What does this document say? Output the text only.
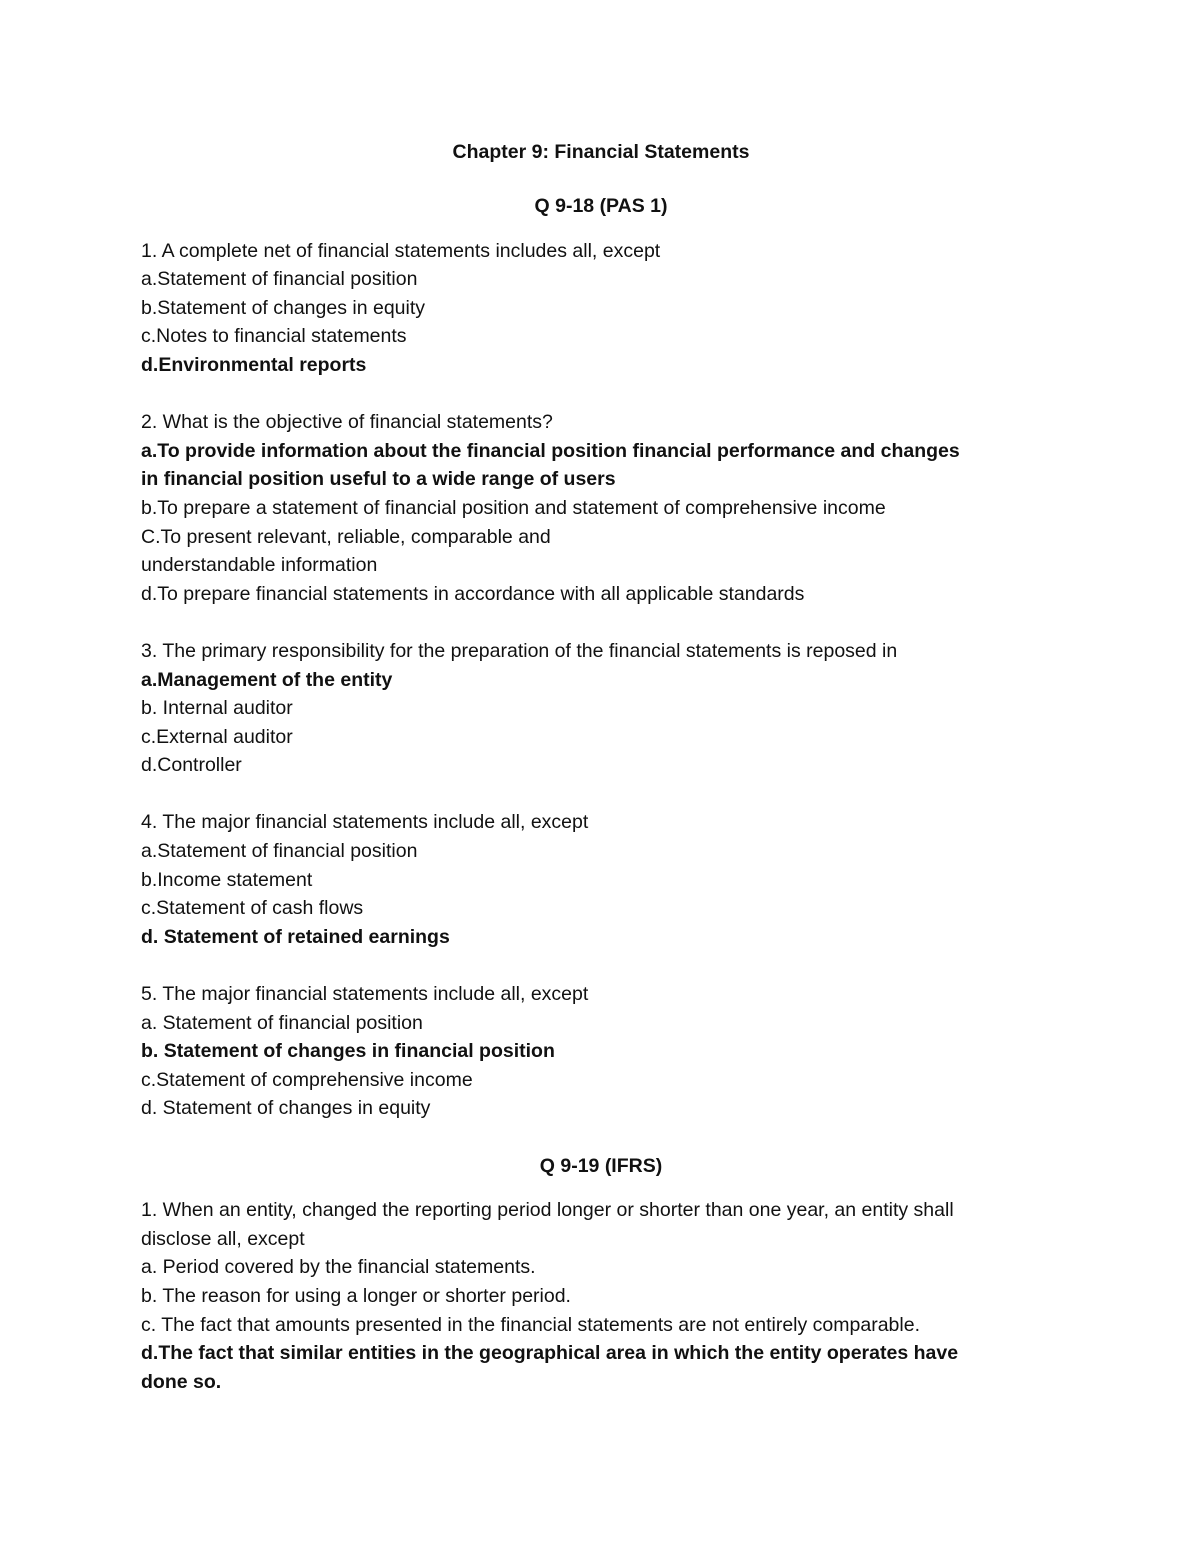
Chapter 9: Financial Statements

Q 9-18 (PAS 1)

1. A complete net of financial statements includes all, except

a.Statement of financial position

b.Statement of changes in equity

c.Notes to financial statements

d.Environmental reports

2. What is the objective of financial statements?

a.To provide information about the financial position financial performance and changes

in financial position useful to a wide range of users

b.To prepare a statement of financial position and statement of comprehensive income

C.To present relevant, reliable, comparable and

understandable information

d.To prepare financial statements in accordance with all applicable standards

3. The primary responsibility for the preparation of the financial statements is reposed in

a.Management of the entity

b. Internal auditor

c.External auditor

d.Controller

4. The major financial statements include all, except

a.Statement of financial position

b.Income statement

c.Statement of cash flows

d. Statement of retained earnings

5. The major financial statements include all, except

a. Statement of financial position

b. Statement of changes in financial position

c.Statement of comprehensive income

d. Statement of changes in equity

Q 9-19 (IFRS)

1. When an entity, changed the reporting period longer or shorter than one year, an entity shall

disclose all, except

a. Period covered by the financial statements.

b. The reason for using a longer or shorter period.

c. The fact that amounts presented in the financial statements are not entirely comparable.

d.The fact that similar entities in the geographical area in which the entity operates have

done so.
